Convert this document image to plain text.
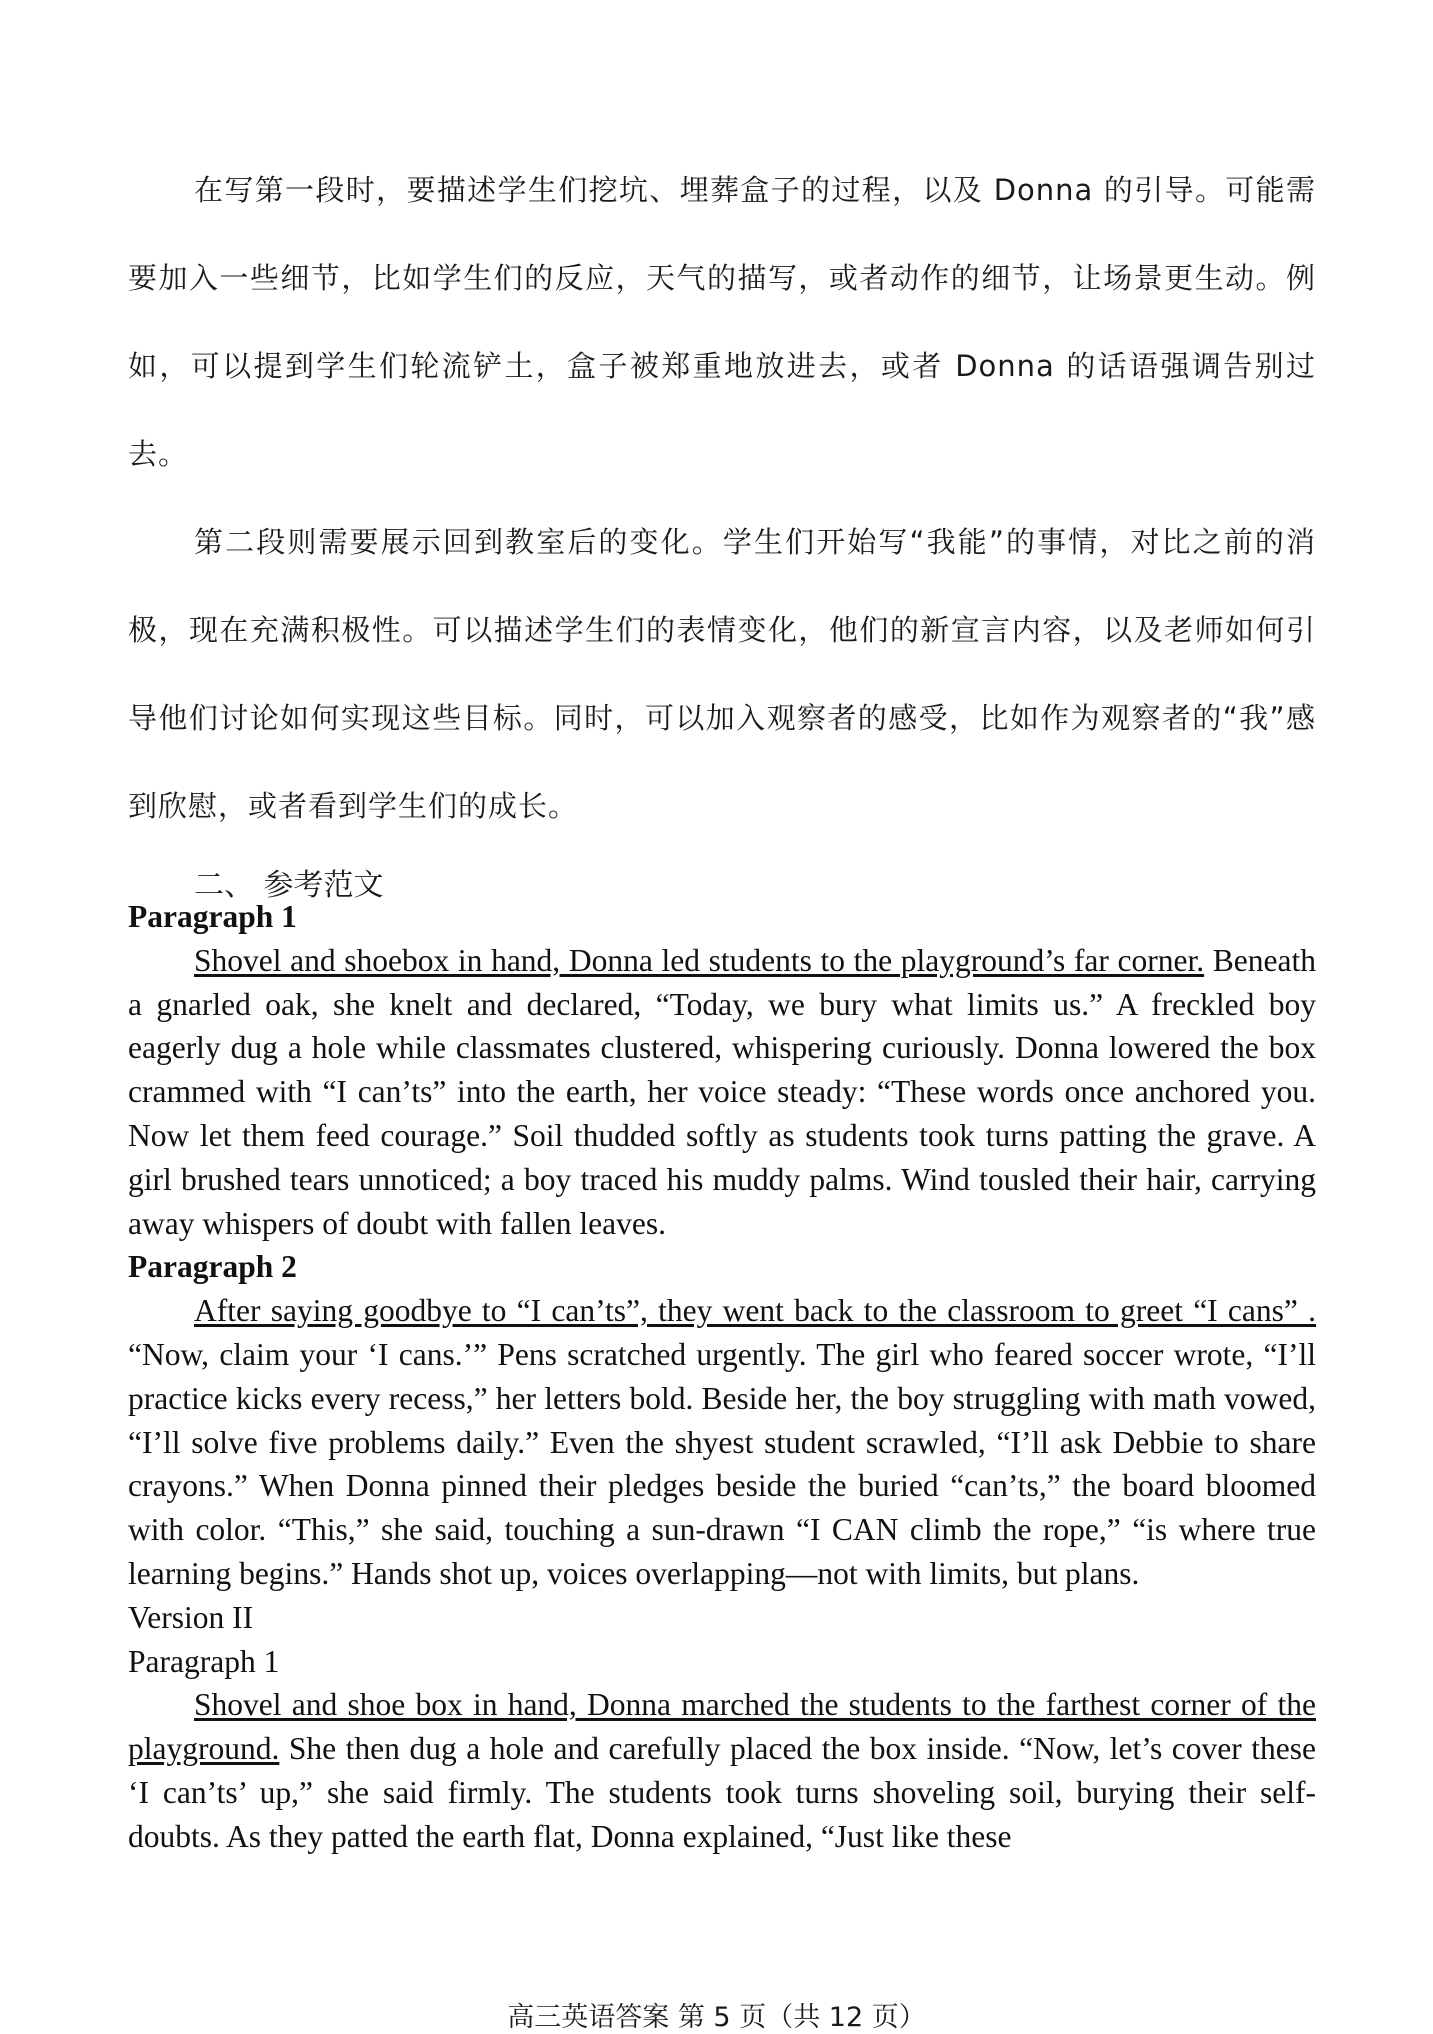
在写第一段时，要描述学生们挖坑、埋葬盒子的过程，以及 Donna 的引导。可能需要加入一些细节，比如学生们的反应，天气的描写，或者动作的细节，让场景更生动。例如，可以提到学生们轮流铲土，盒子被郑重地放进去，或者 Donna 的话语强调告别过去。

第二段则需要展示回到教室后的变化。学生们开始写“我能”的事情，对比之前的消极，现在充满积极性。可以描述学生们的表情变化，他们的新宣言内容，以及老师如何引导他们讨论如何实现这些目标。同时，可以加入观察者的感受，比如作为观察者的“我”感到欣慰，或者看到学生们的成长。

二、 参考范文

Paragraph 1

Shovel and shoebox in hand, Donna led students to the playground’s far corner. Beneath a gnarled oak, she knelt and declared, “Today, we bury what limits us.” A freckled boy eagerly dug a hole while classmates clustered, whispering curiously. Donna lowered the box crammed with “I can’ts” into the earth, her voice steady: “These words once anchored you. Now let them feed courage.” Soil thudded softly as students took turns patting the grave. A girl brushed tears unnoticed; a boy traced his muddy palms. Wind tousled their hair, carrying away whispers of doubt with fallen leaves.

Paragraph 2

After saying goodbye to “I can’ts”, they went back to the classroom to greet “I cans” . “Now, claim your ‘I cans.’” Pens scratched urgently. The girl who feared soccer wrote, “I’ll practice kicks every recess,” her letters bold. Beside her, the boy struggling with math vowed, “I’ll solve five problems daily.” Even the shyest student scrawled, “I’ll ask Debbie to share crayons.” When Donna pinned their pledges beside the buried “can’ts,” the board bloomed with color. “This,” she said, touching a sun-drawn “I CAN climb the rope,” “is where true learning begins.” Hands shot up, voices overlapping—not with limits, but plans.

Version II

Paragraph 1

Shovel and shoe box in hand, Donna marched the students to the farthest corner of the playground. She then dug a hole and carefully placed the box inside. “Now, let’s cover these ‘I can’ts’ up,” she said firmly. The students took turns shoveling soil, burying their self-doubts. As they patted the earth flat, Donna explained, “Just like these

高三英语答案 第 5 页（共 12 页）
